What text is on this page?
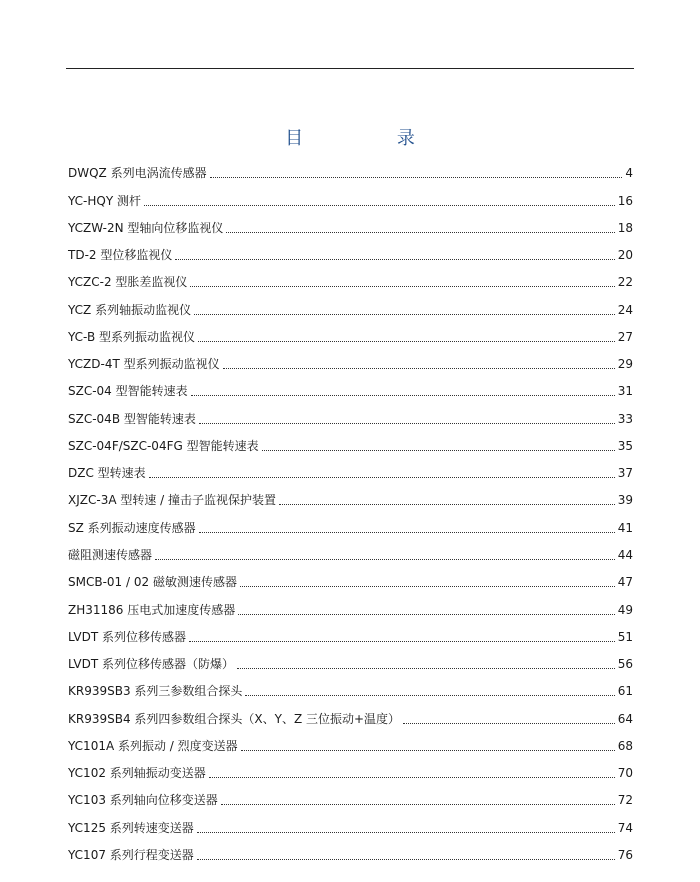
目 录
DWQZ 系列电涡流传感器	4
YC-HQY 测杆	16
YCZW-2N 型轴向位移监视仪	18
TD-2 型位移监视仪	20
YCZC-2 型胀差监视仪	22
YCZ 系列轴振动监视仪	24
YC-B 型系列振动监视仪	27
YCZD-4T 型系列振动监视仪	29
SZC-04 型智能转速表	31
SZC-04B 型智能转速表	33
SZC-04F/SZC-04FG 型智能转速表	35
DZC 型转速表	37
XJZC-3A 型转速 / 撞击子监视保护装置	39
SZ 系列振动速度传感器	41
磁阻测速传感器	44
SMCB-01 / 02 磁敏测速传感器	47
ZH31186 压电式加速度传感器	49
LVDT 系列位移传感器	51
LVDT 系列位移传感器（防爆）	56
KR939SB3 系列三参数组合探头	61
KR939SB4 系列四参数组合探头（X、Y、Z 三位振动+温度）	64
YC101A 系列振动 / 烈度变送器	68
YC102 系列轴振动变送器	70
YC103 系列轴向位移变送器	72
YC125 系列转速变送器	74
YC107 系列行程变送器	76
